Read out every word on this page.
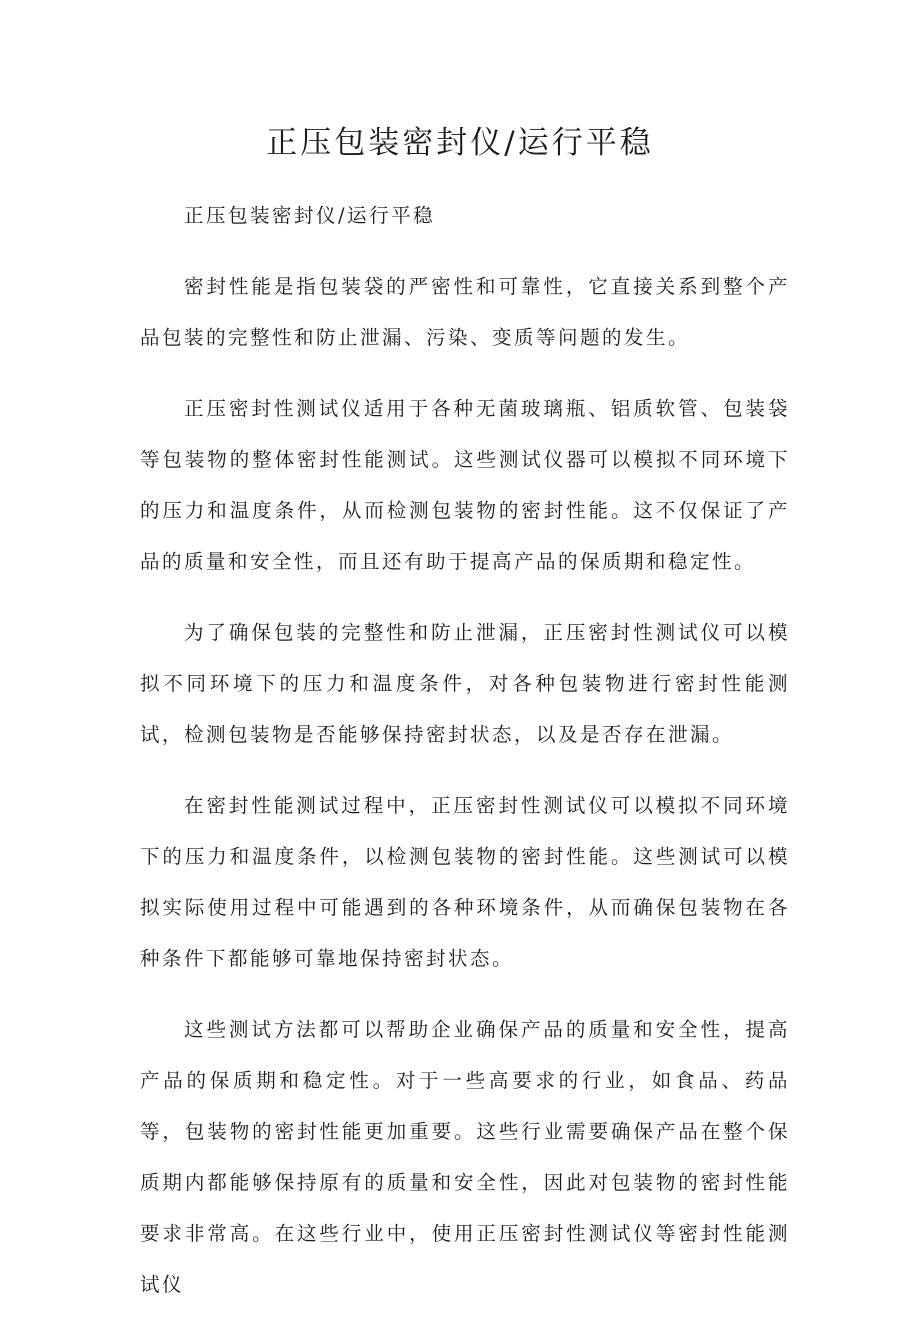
正压包装密封仪/运行平稳

正压包装密封仪/运行平稳

密封性能是指包装袋的严密性和可靠性，它直接关系到整个产品包装的完整性和防止泄漏、污染、变质等问题的发生。

正压密封性测试仪适用于各种无菌玻璃瓶、铝质软管、包装袋等包装物的整体密封性能测试。这些测试仪器可以模拟不同环境下的压力和温度条件，从而检测包装物的密封性能。这不仅保证了产品的质量和安全性，而且还有助于提高产品的保质期和稳定性。

为了确保包装的完整性和防止泄漏，正压密封性测试仪可以模拟不同环境下的压力和温度条件，对各种包装物进行密封性能测试，检测包装物是否能够保持密封状态，以及是否存在泄漏。

在密封性能测试过程中，正压密封性测试仪可以模拟不同环境下的压力和温度条件，以检测包装物的密封性能。这些测试可以模拟实际使用过程中可能遇到的各种环境条件，从而确保包装物在各种条件下都能够可靠地保持密封状态。

这些测试方法都可以帮助企业确保产品的质量和安全性，提高产品的保质期和稳定性。对于一些高要求的行业，如食品、药品等，包装物的密封性能更加重要。这些行业需要确保产品在整个保质期内都能够保持原有的质量和安全性，因此对包装物的密封性能要求非常高。在这些行业中，使用正压密封性测试仪等密封性能测试仪
